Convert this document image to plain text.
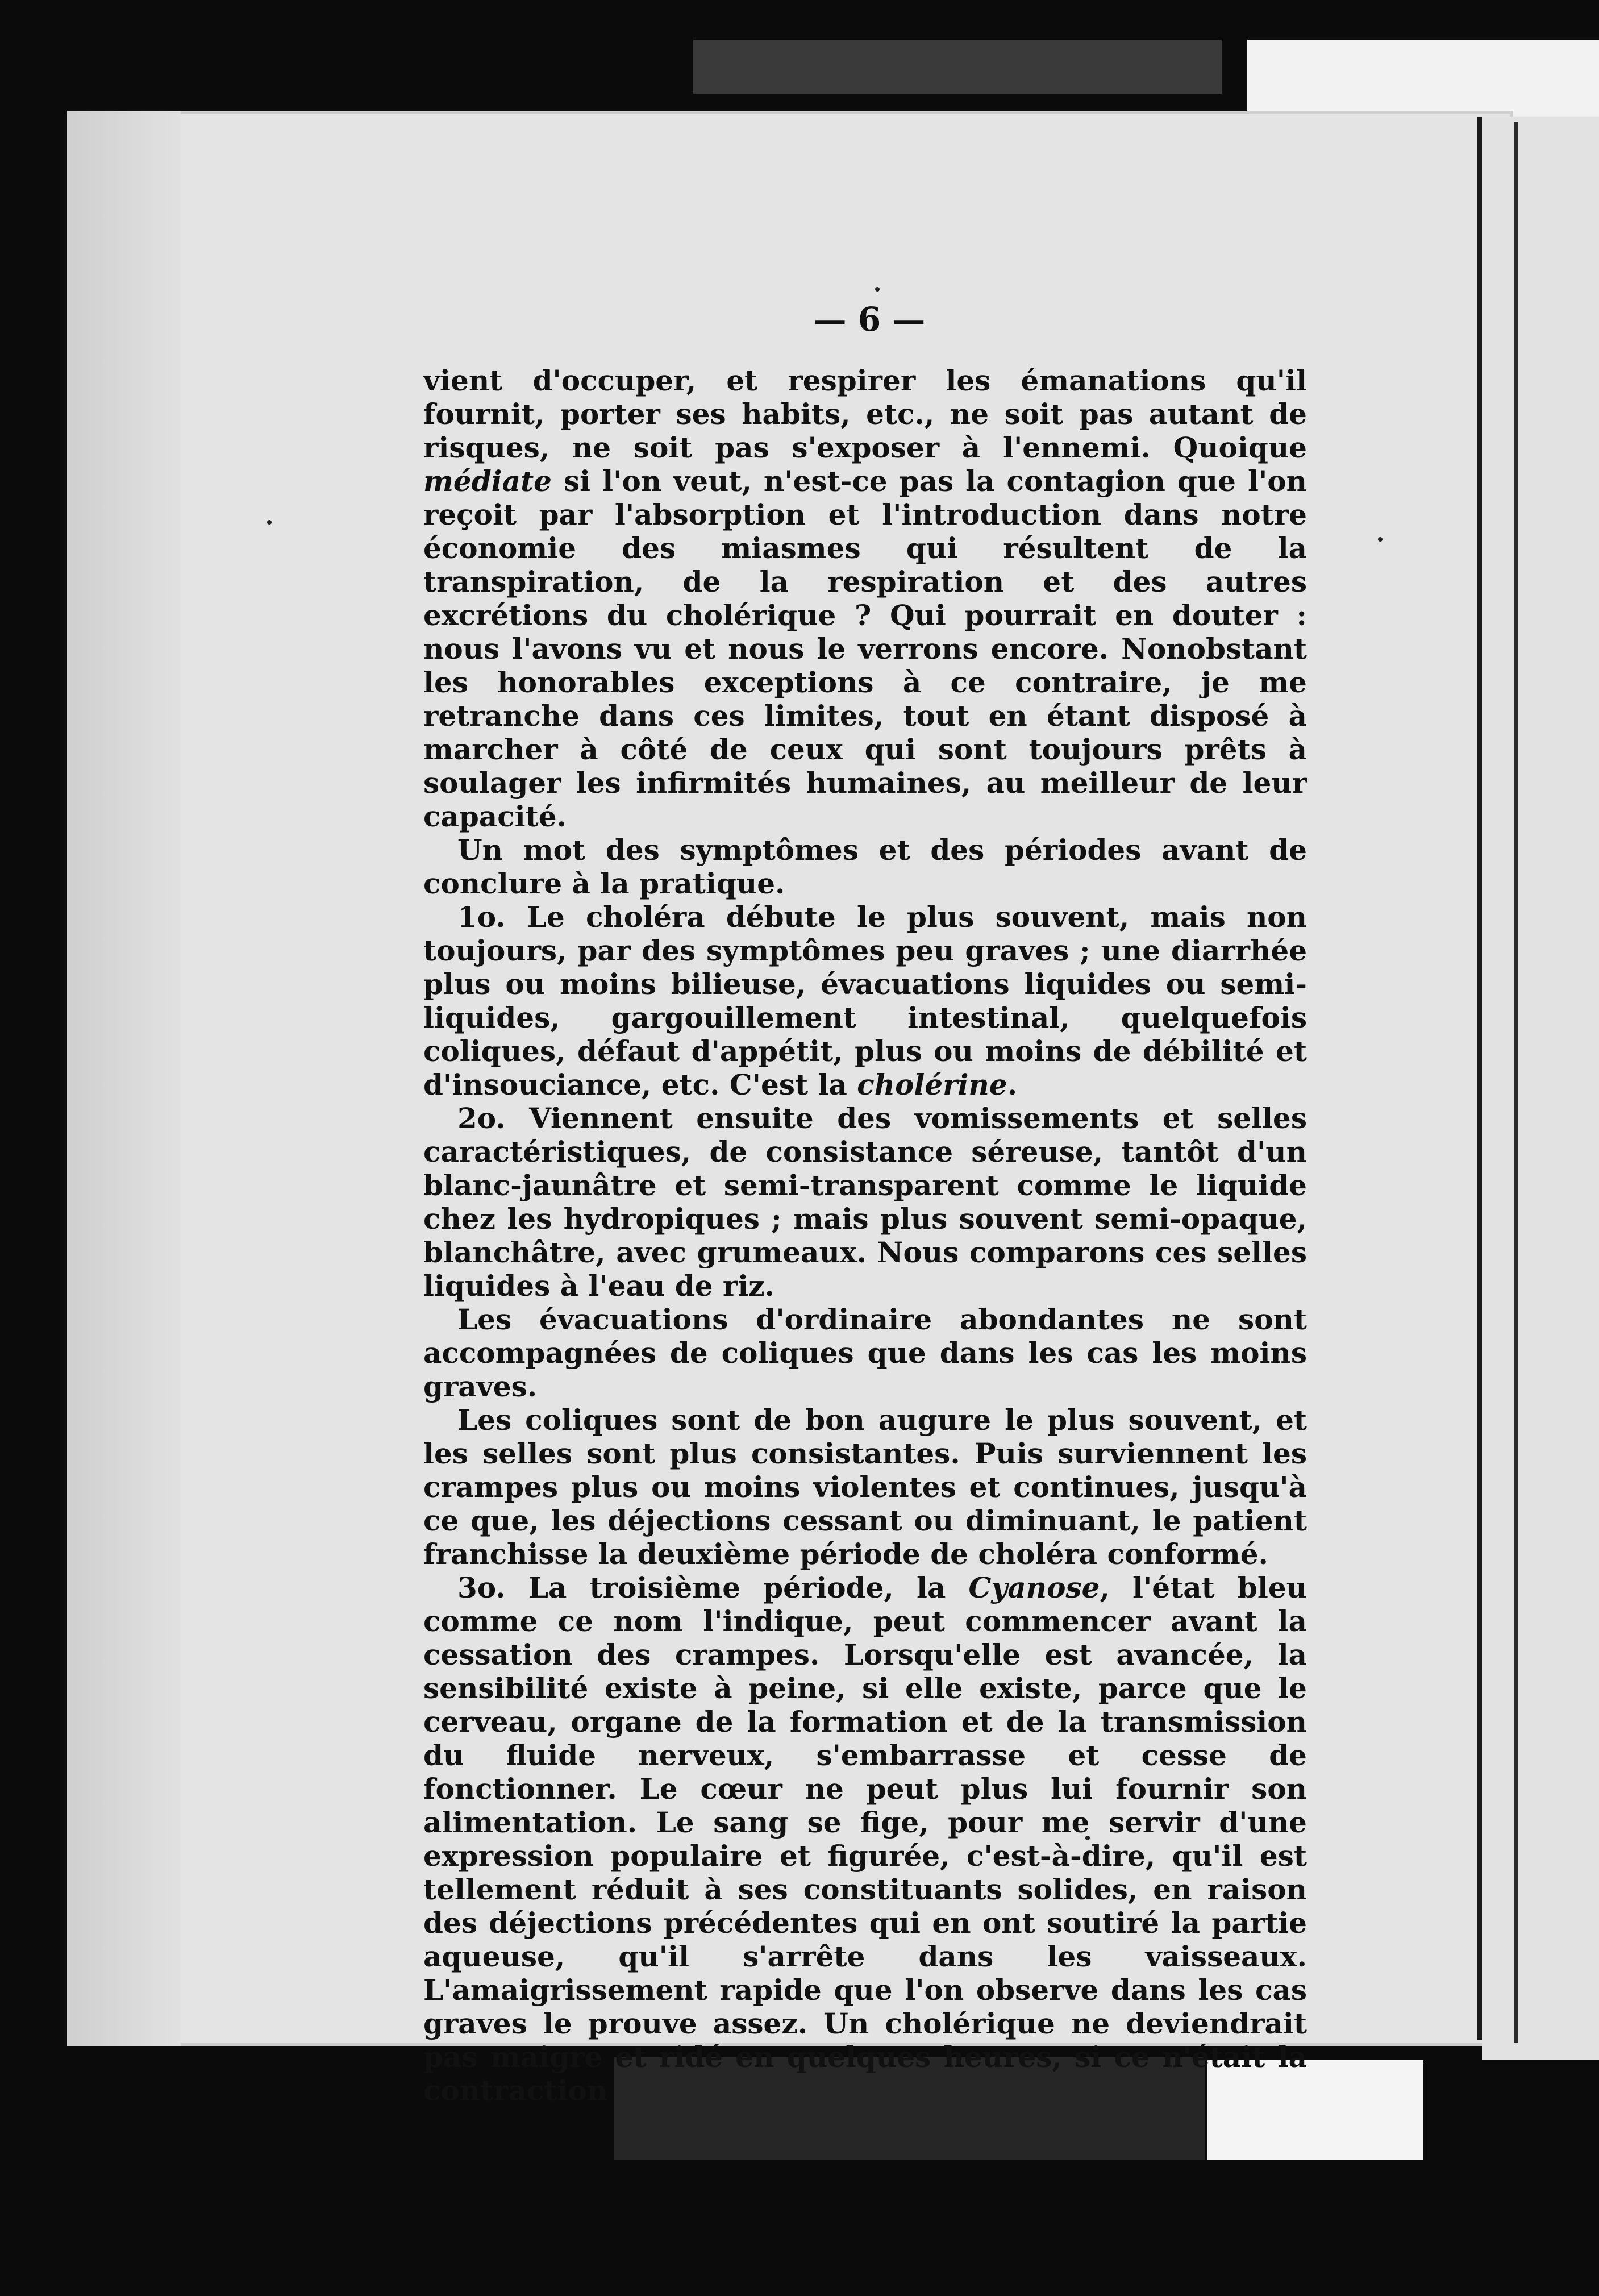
— 6 —

vient d'occuper, et respirer les émanations qu'il fournit, porter ses habits, etc., ne soit pas autant de risques, ne soit pas s'exposer à l'ennemi. Quoique médiate si l'on veut, n'est-ce pas la contagion que l'on reçoit par l'absorption et l'introduction dans notre économie des miasmes qui résultent de la transpiration, de la respiration et des autres excrétions du cholérique ? Qui pourrait en douter : nous l'avons vu et nous le verrons encore. Nonobstant les honorables exceptions à ce contraire, je me retranche dans ces limites, tout en étant disposé à marcher à côté de ceux qui sont toujours prêts à soulager les infirmités humaines, au meilleur de leur capacité.

Un mot des symptômes et des périodes avant de conclure à la pratique.

1o. Le choléra débute le plus souvent, mais non toujours, par des symptômes peu graves ; une diarrhée plus ou moins bilieuse, évacuations liquides ou semi-liquides, gargouillement intestinal, quelquefois coliques, défaut d'appétit, plus ou moins de débilité et d'insouciance, etc. C'est la cholérine.

2o. Viennent ensuite des vomissements et selles caractéristiques, de consistance séreuse, tantôt d'un blanc-jaunâtre et semi-transparent comme le liquide chez les hydropiques ; mais plus souvent semi-opaque, blanchâtre, avec grumeaux. Nous comparons ces selles liquides à l'eau de riz.

Les évacuations d'ordinaire abondantes ne sont accompagnées de coliques que dans les cas les moins graves.

Les coliques sont de bon augure le plus souvent, et les selles sont plus consistantes. Puis surviennent les crampes plus ou moins violentes et continues, jusqu'à ce que, les déjections cessant ou diminuant, le patient franchisse la deuxième période de choléra conformé.

3o. La troisième période, la Cyanose, l'état bleu comme ce nom l'indique, peut commencer avant la cessation des crampes. Lorsqu'elle est avancée, la sensibilité existe à peine, si elle existe, parce que le cerveau, organe de la formation et de la transmission du fluide nerveux, s'embarrasse et cesse de fonctionner. Le cœur ne peut plus lui fournir son alimentation. Le sang se fige, pour me servir d'une expression populaire et figurée, c'est-à-dire, qu'il est tellement réduit à ses constituants solides, en raison des déjections précédentes qui en ont soutiré la partie aqueuse, qu'il s'arrête dans les vaisseaux. L'amaigrissement rapide que l'on observe dans les cas graves le prouve assez. Un cholérique ne deviendrait pas maigre et ridé en quelques heures, si ce n'était la contraction
